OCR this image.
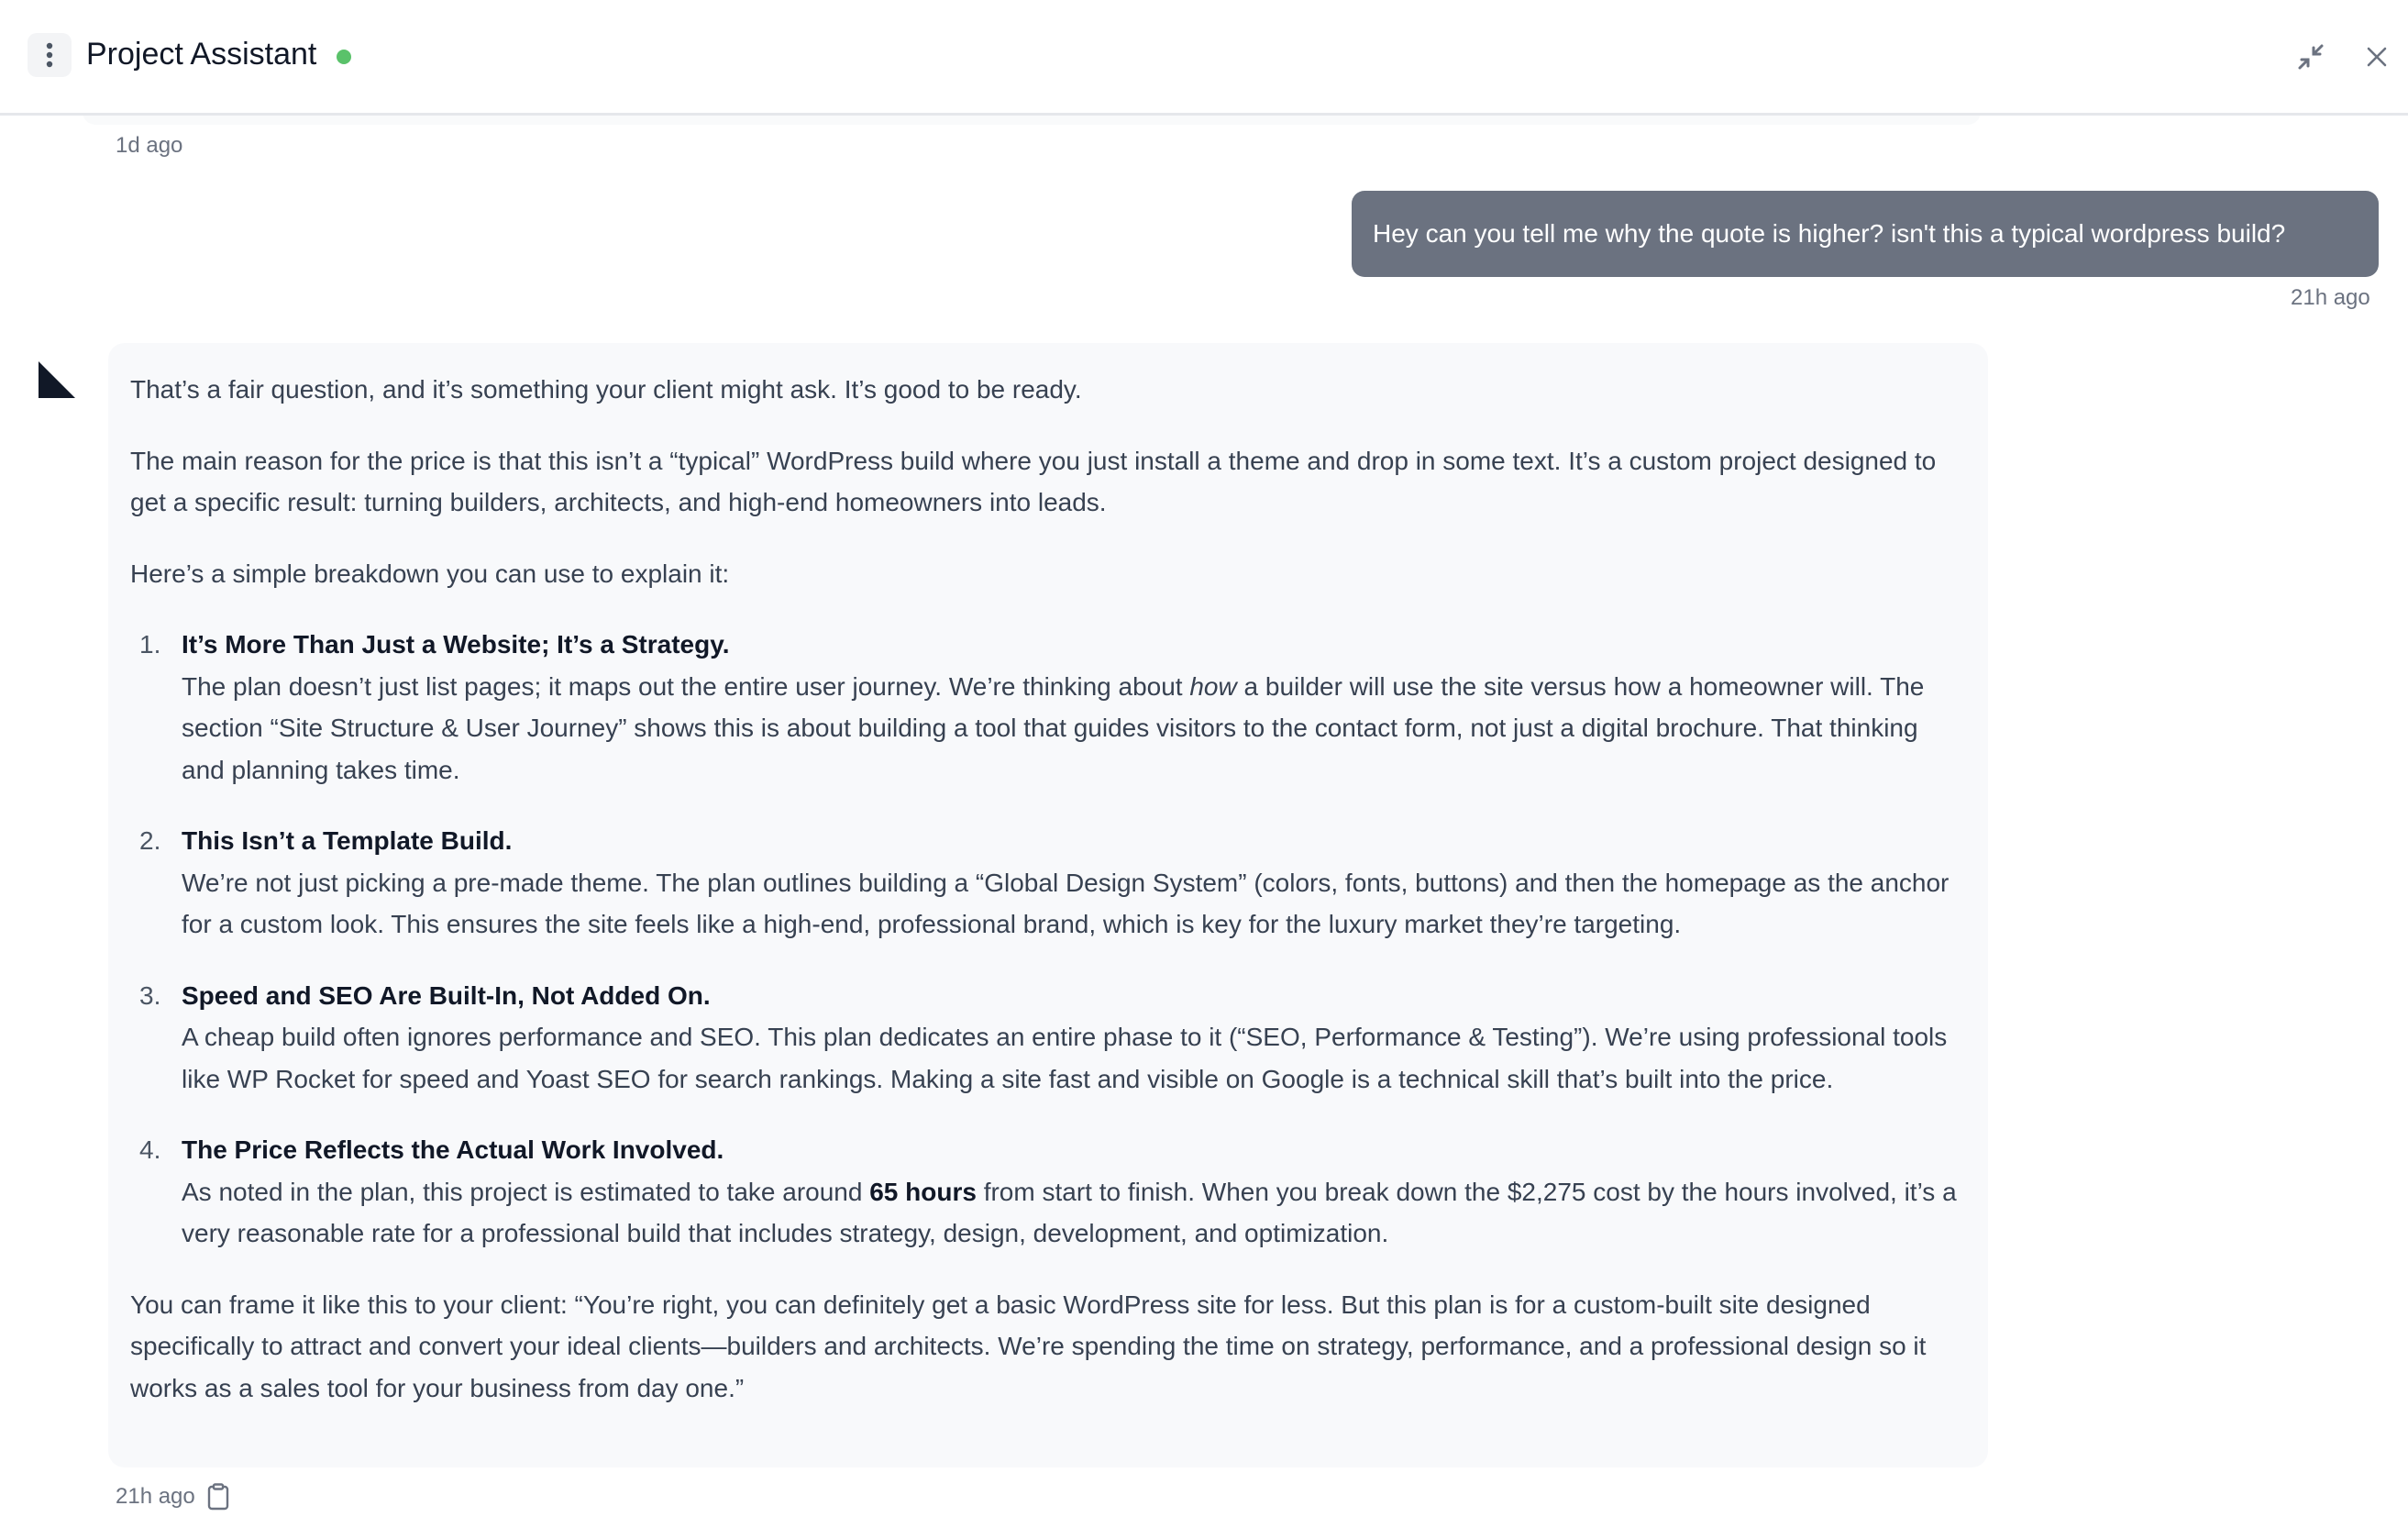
Project Assistant
1d ago
Hey can you tell me why the quote is higher? isn't this a typical wordpress build?
21h ago

That’s a fair question, and it’s something your client might ask. It’s good to be ready.

The main reason for the price is that this isn’t a “typical” WordPress build where you just install a theme and drop in some text. It’s a custom project designed to get a specific result: turning builders, architects, and high-end homeowners into leads.

Here’s a simple breakdown you can use to explain it:

1. It’s More Than Just a Website; It’s a Strategy.
The plan doesn’t just list pages; it maps out the entire user journey. We’re thinking about how a builder will use the site versus how a homeowner will. The section “Site Structure & User Journey” shows this is about building a tool that guides visitors to the contact form, not just a digital brochure. That thinking and planning takes time.
2. This Isn’t a Template Build.
We’re not just picking a pre-made theme. The plan outlines building a “Global Design System” (colors, fonts, buttons) and then the homepage as the anchor for a custom look. This ensures the site feels like a high-end, professional brand, which is key for the luxury market they’re targeting.
3. Speed and SEO Are Built-In, Not Added On.
A cheap build often ignores performance and SEO. This plan dedicates an entire phase to it (“SEO, Performance & Testing”). We’re using professional tools like WP Rocket for speed and Yoast SEO for search rankings. Making a site fast and visible on Google is a technical skill that’s built into the price.
4. The Price Reflects the Actual Work Involved.
As noted in the plan, this project is estimated to take around 65 hours from start to finish. When you break down the $2,275 cost by the hours involved, it’s a very reasonable rate for a professional build that includes strategy, design, development, and optimization.

You can frame it like this to your client: “You’re right, you can definitely get a basic WordPress site for less. But this plan is for a custom-built site designed specifically to attract and convert your ideal clients—builders and architects. We’re spending the time on strategy, performance, and a professional design so it works as a sales tool for your business from day one.”

21h ago
